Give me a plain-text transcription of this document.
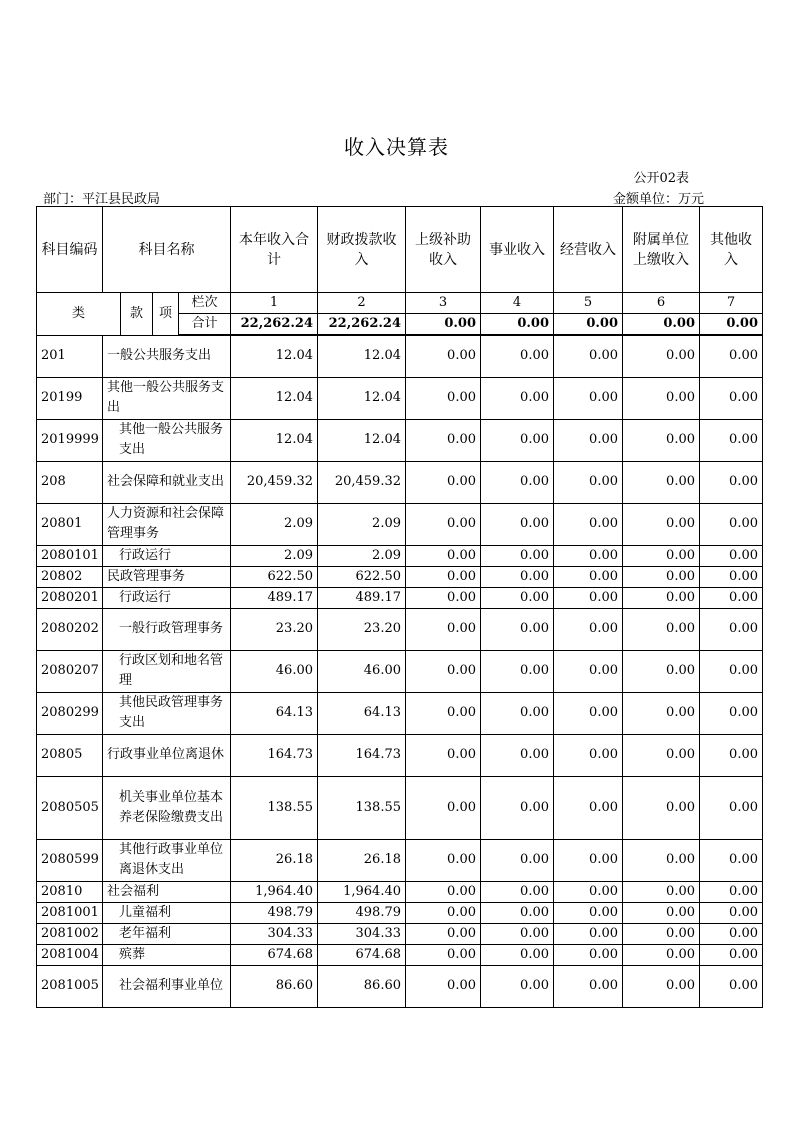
收入决算表
公开02表
部门：平江县民政局	金额单位：万元
科目编码	科目名称				本年收入合计	财政拨款收入	上级补助收入	事业收入	经营收入	附属单位上缴收入	其他收入
类		款	项	栏次	1	2	3	4	5	6	7
				合计	22,262.24	22,262.24	0.00	0.00	0.00	0.00	0.00
201	一般公共服务支出				12.04	12.04	0.00	0.00	0.00	0.00	0.00
20199	其他一般公共服务支出				12.04	12.04	0.00	0.00	0.00	0.00	0.00
2019999	其他一般公共服务支出				12.04	12.04	0.00	0.00	0.00	0.00	0.00
208	社会保障和就业支出				20,459.32	20,459.32	0.00	0.00	0.00	0.00	0.00
20801	人力资源和社会保障管理事务				2.09	2.09	0.00	0.00	0.00	0.00	0.00
2080101	行政运行				2.09	2.09	0.00	0.00	0.00	0.00	0.00
20802	民政管理事务				622.50	622.50	0.00	0.00	0.00	0.00	0.00
2080201	行政运行				489.17	489.17	0.00	0.00	0.00	0.00	0.00
2080202	一般行政管理事务				23.20	23.20	0.00	0.00	0.00	0.00	0.00
2080207	行政区划和地名管理				46.00	46.00	0.00	0.00	0.00	0.00	0.00
2080299	其他民政管理事务支出				64.13	64.13	0.00	0.00	0.00	0.00	0.00
20805	行政事业单位离退休				164.73	164.73	0.00	0.00	0.00	0.00	0.00
2080505	机关事业单位基本养老保险缴费支出				138.55	138.55	0.00	0.00	0.00	0.00	0.00
2080599	其他行政事业单位离退休支出				26.18	26.18	0.00	0.00	0.00	0.00	0.00
20810	社会福利				1,964.40	1,964.40	0.00	0.00	0.00	0.00	0.00
2081001	儿童福利				498.79	498.79	0.00	0.00	0.00	0.00	0.00
2081002	老年福利				304.33	304.33	0.00	0.00	0.00	0.00	0.00
2081004	殡葬				674.68	674.68	0.00	0.00	0.00	0.00	0.00
2081005	社会福利事业单位				86.60	86.60	0.00	0.00	0.00	0.00	0.00
